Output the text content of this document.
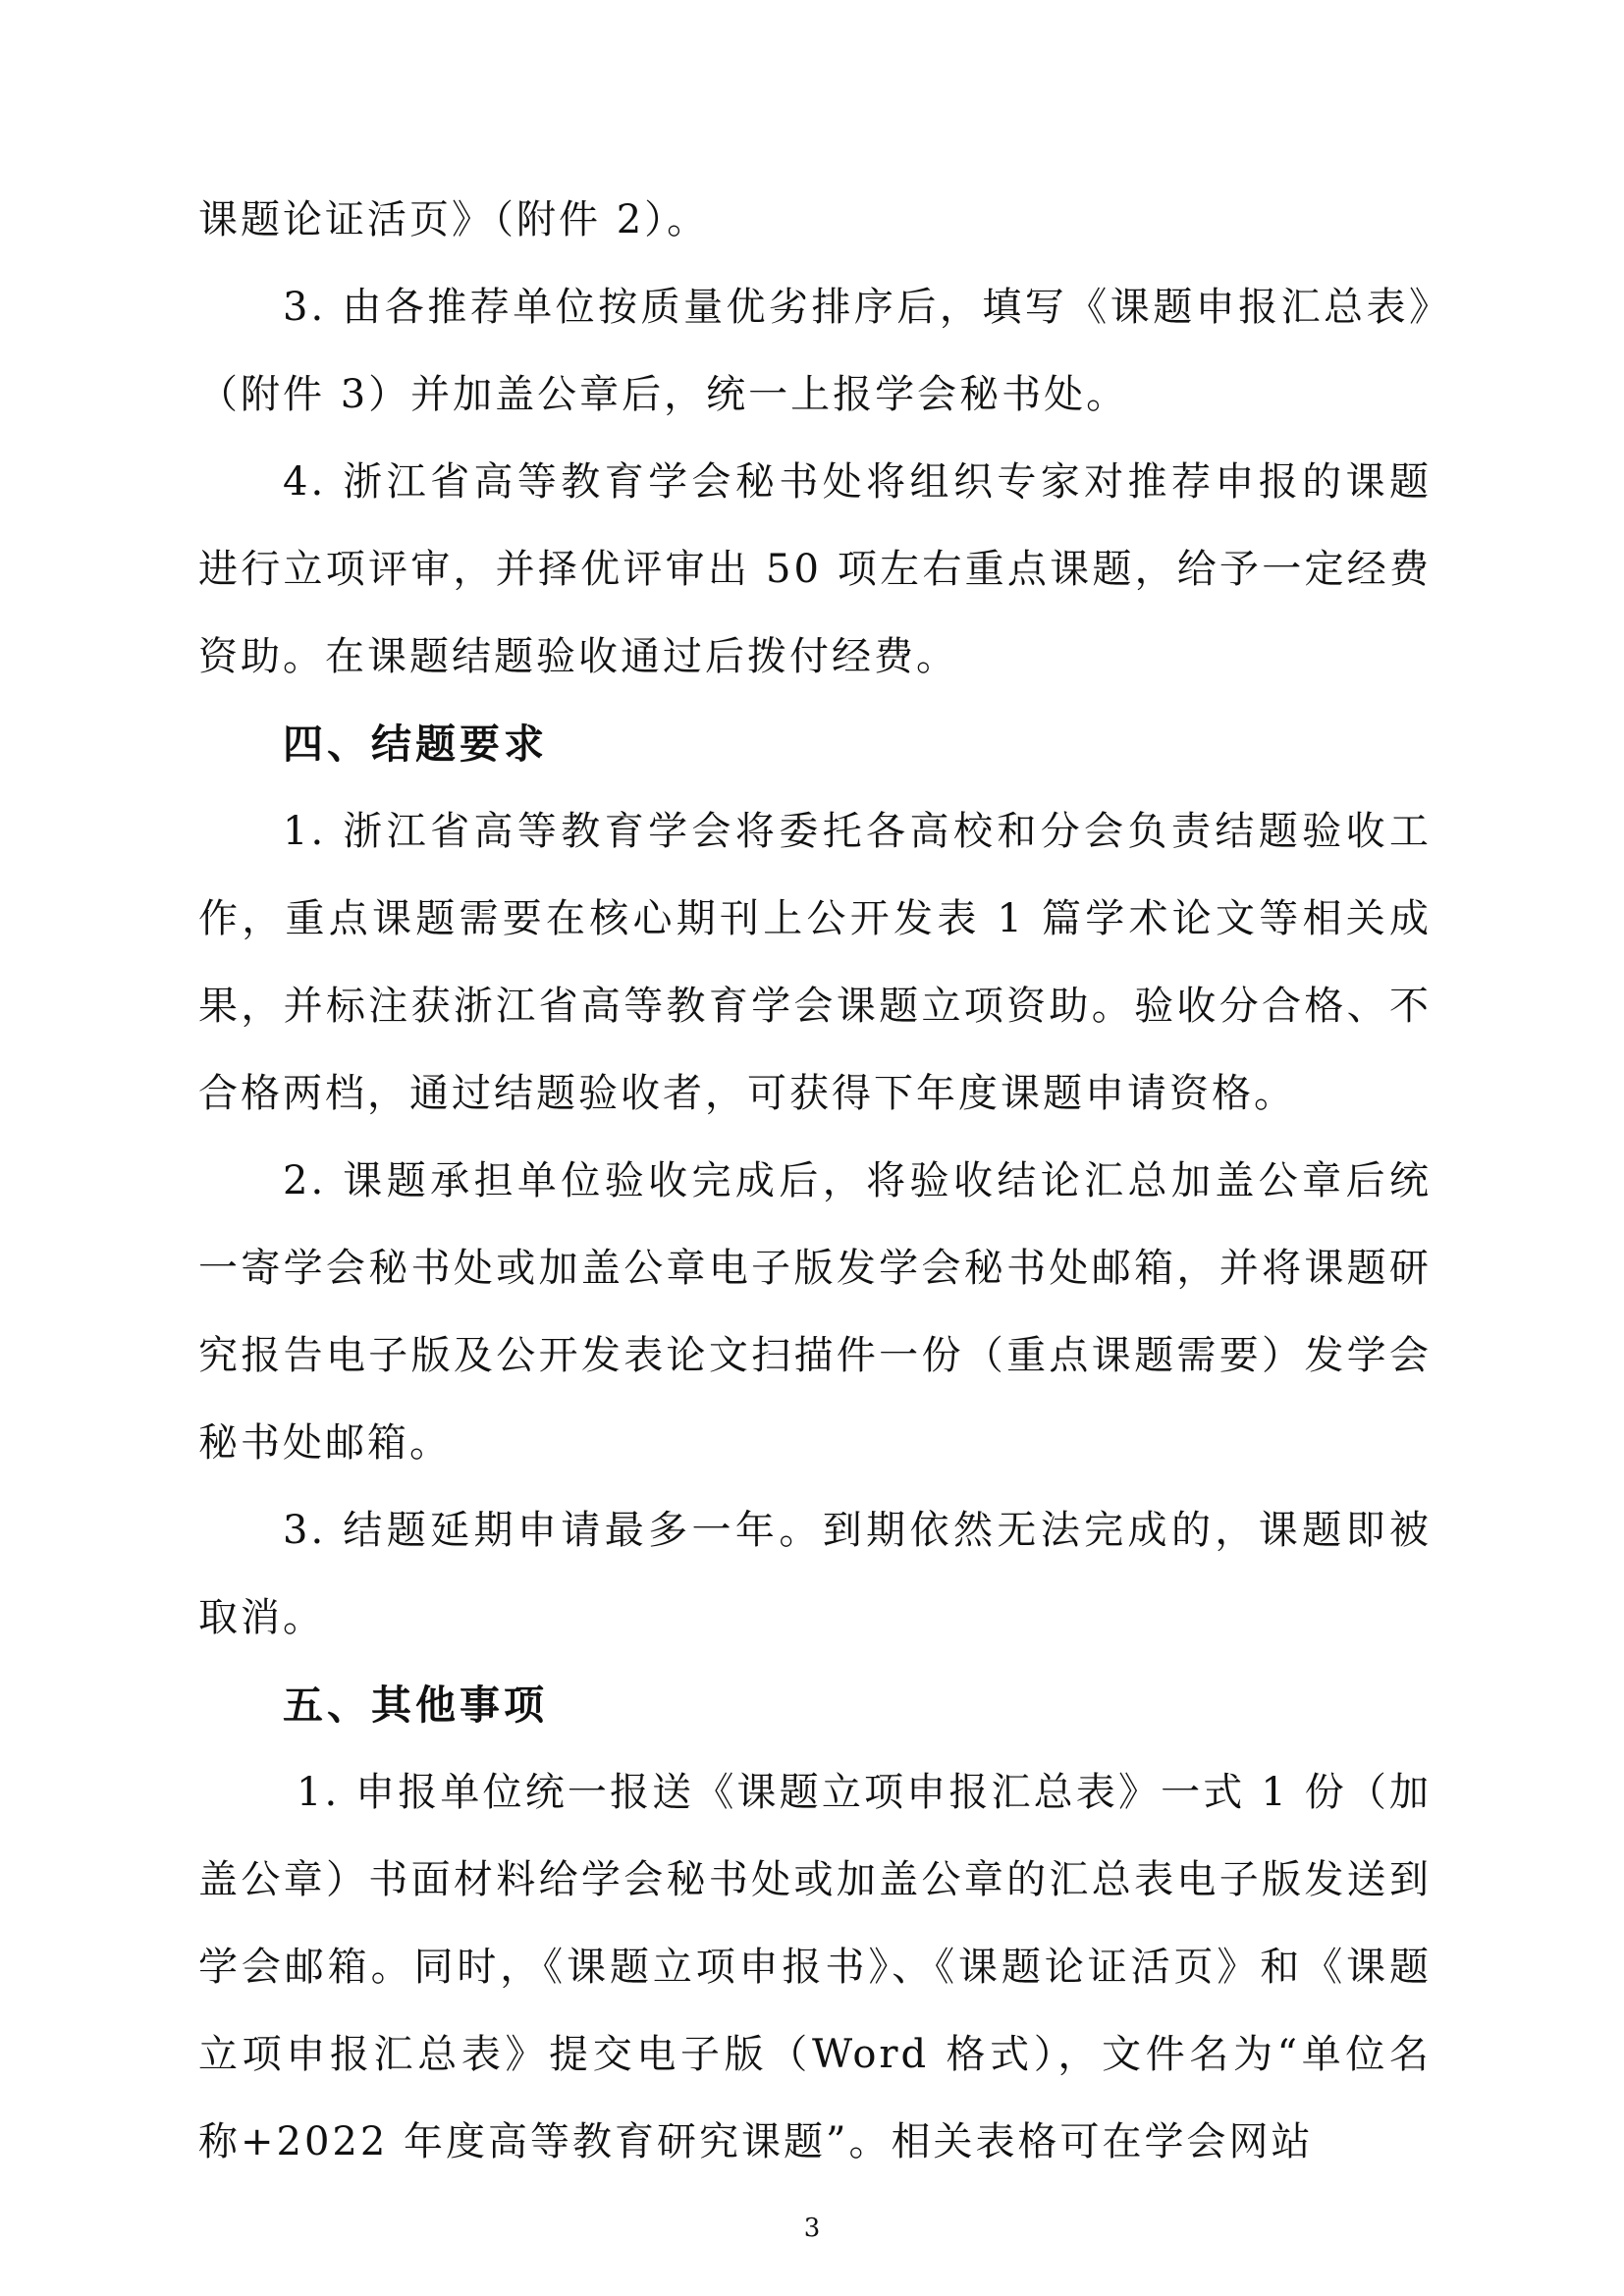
课题论证活页》（附件 2）。

3. 由各推荐单位按质量优劣排序后，填写《课题申报汇总表》（附件 3）并加盖公章后，统一上报学会秘书处。

4. 浙江省高等教育学会秘书处将组织专家对推荐申报的课题进行立项评审，并择优评审出 50 项左右重点课题，给予一定经费资助。在课题结题验收通过后拨付经费。

四、结题要求

1. 浙江省高等教育学会将委托各高校和分会负责结题验收工作，重点课题需要在核心期刊上公开发表 1 篇学术论文等相关成果，并标注获浙江省高等教育学会课题立项资助。验收分合格、不合格两档，通过结题验收者，可获得下年度课题申请资格。

2. 课题承担单位验收完成后，将验收结论汇总加盖公章后统一寄学会秘书处或加盖公章电子版发学会秘书处邮箱，并将课题研究报告电子版及公开发表论文扫描件一份（重点课题需要）发学会秘书处邮箱。

3. 结题延期申请最多一年。到期依然无法完成的，课题即被取消。

五、其他事项

1. 申报单位统一报送《课题立项申报汇总表》一式 1 份（加盖公章）书面材料给学会秘书处或加盖公章的汇总表电子版发送到学会邮箱。同时，《课题立项申报书》、《课题论证活页》和《课题立项申报汇总表》提交电子版（Word 格式），文件名为“单位名称+2022 年度高等教育研究课题”。相关表格可在学会网站

3
